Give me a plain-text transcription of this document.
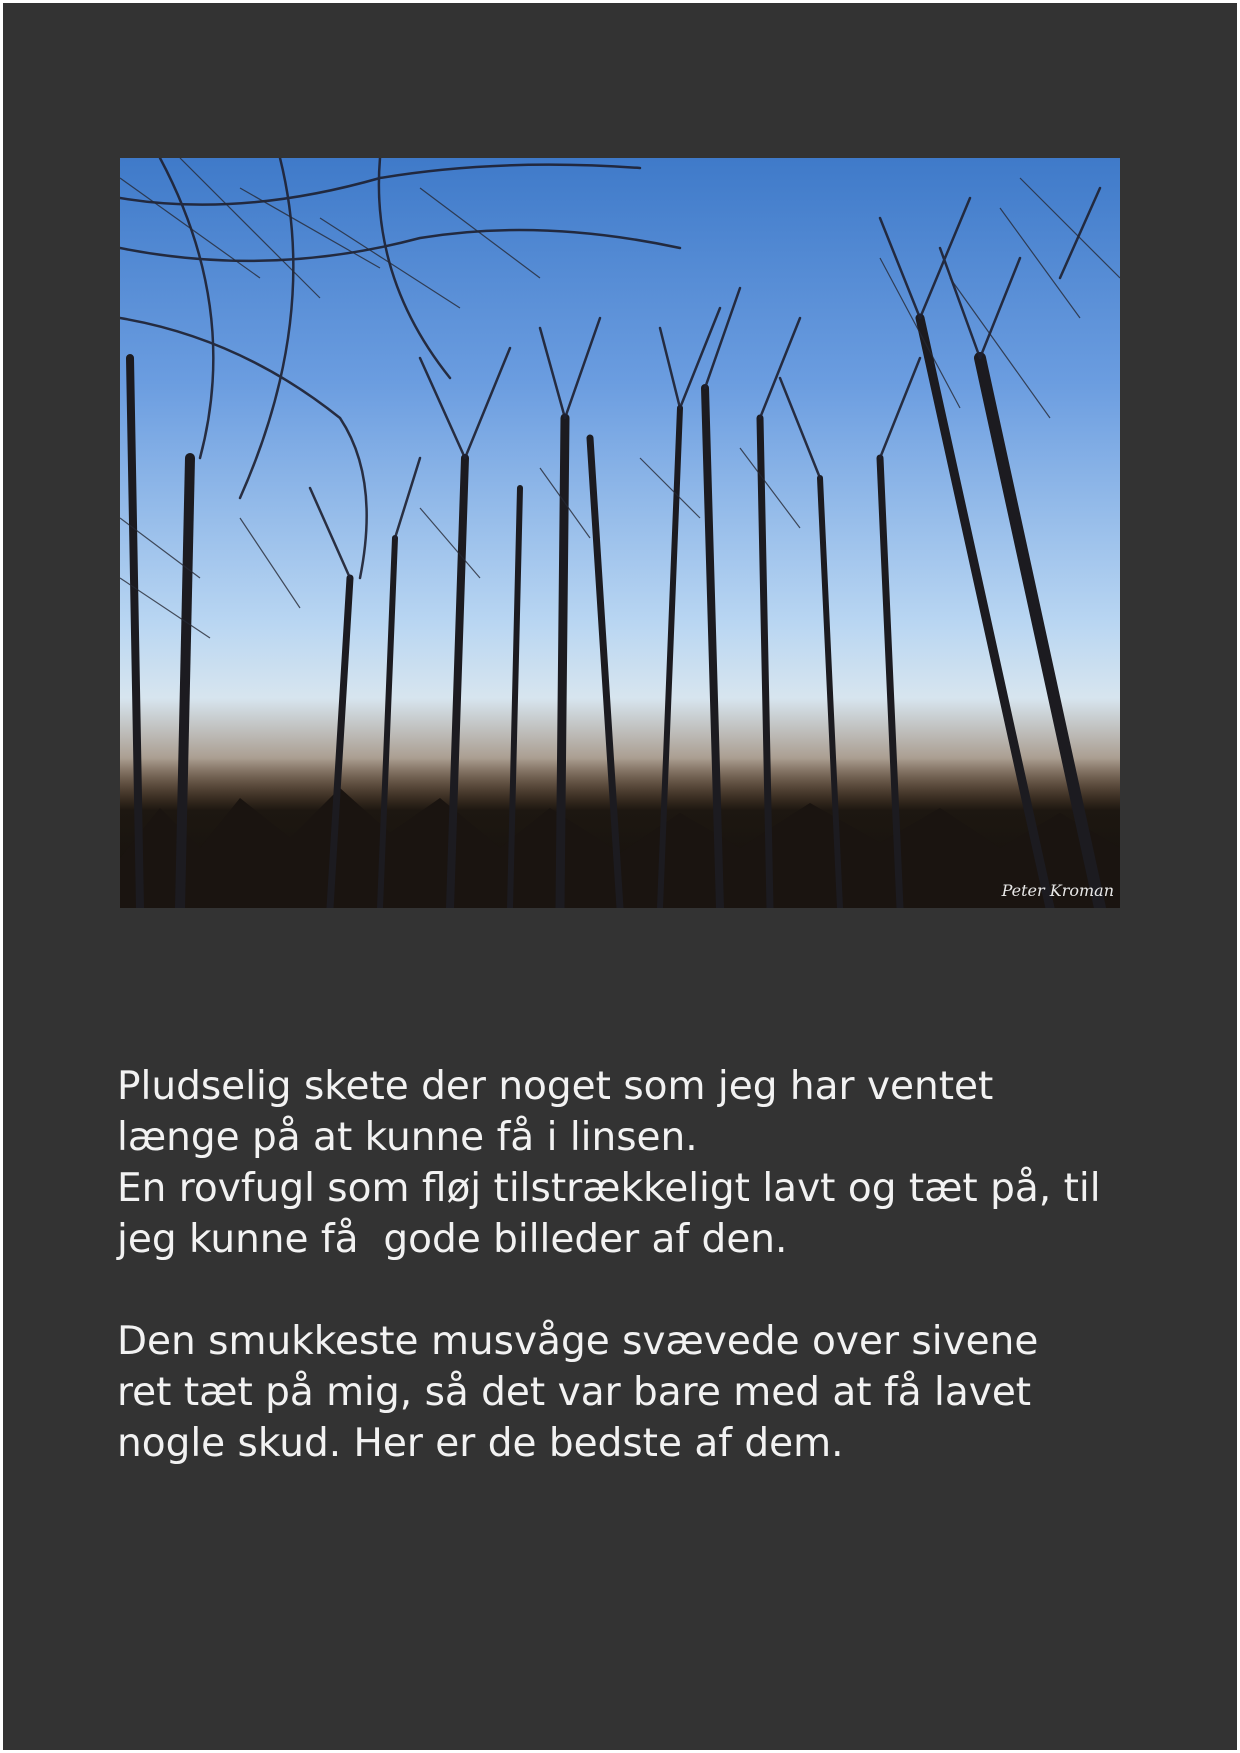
Peter Kroman

Pludselig skete der noget som jeg har ventet

længe på at kunne få i linsen.

En rovfugl som fløj tilstrækkeligt lavt og tæt på, til

jeg kunne få  gode billeder af den.

Den smukkeste musvåge svævede over sivene

ret tæt på mig, så det var bare med at få lavet

nogle skud. Her er de bedste af dem.
